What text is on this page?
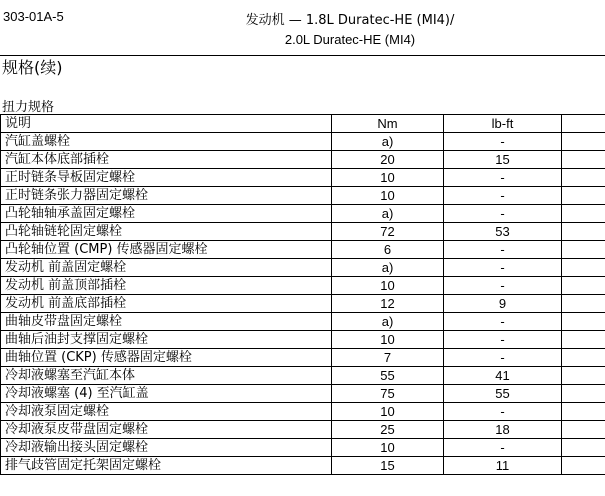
303-01A-5	发动机 — 1.8L Duratec-HE (MI4)/
2.0L Duratec-HE (MI4)
规格(续)
扭力规格
说明	Nm	lb-ft	
汽缸盖螺栓	a)	-	
汽缸本体底部插栓	20	15	
正时链条导板固定螺栓	10	-	
正时链条张力器固定螺栓	10	-	
凸轮轴轴承盖固定螺栓	a)	-	
凸轮轴链轮固定螺栓	72	53	
凸轮轴位置 (CMP) 传感器固定螺栓	6	-	
发动机 前盖固定螺栓	a)	-	
发动机 前盖顶部插栓	10	-	
发动机 前盖底部插栓	12	9	
曲轴皮带盘固定螺栓	a)	-	
曲轴后油封支撑固定螺栓	10	-	
曲轴位置 (CKP) 传感器固定螺栓	7	-	
冷却液螺塞至汽缸本体	55	41	
冷却液螺塞 (4) 至汽缸盖	75	55	
冷却液泵固定螺栓	10	-	
冷却液泵皮带盘固定螺栓	25	18	
冷却液输出接头固定螺栓	10	-	
排气歧管固定托架固定螺栓	15	11	
